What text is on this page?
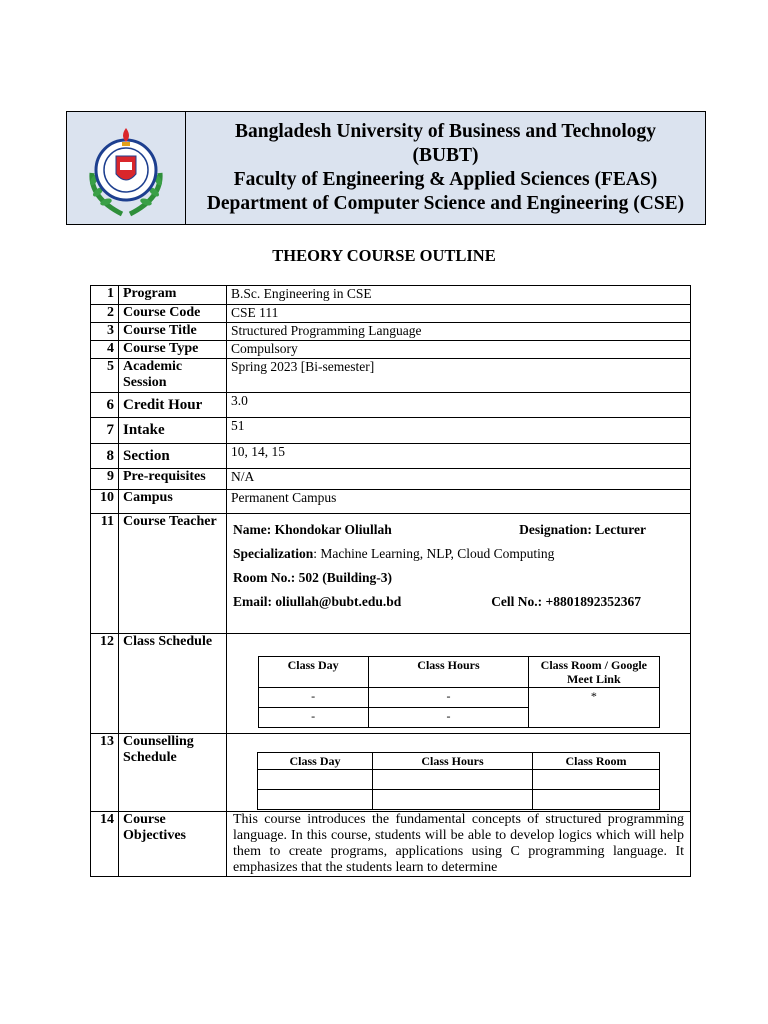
Bangladesh University of Business and Technology
(BUBT)
Faculty of Engineering & Applied Sciences (FEAS)
Department of Computer Science and Engineering (CSE)
THEORY COURSE OUTLINE
1	Program	B.Sc. Engineering in CSE
2	Course Code	CSE 111
3	Course Title	Structured Programming Language
4	Course Type	Compulsory
5	Academic Session	Spring 2023 [Bi-semester]
6	Credit Hour	3.0
7	Intake	51
8	Section	10, 14, 15
9	Pre-requisites	N/A
10	Campus	Permanent Campus
11	Course Teacher	

Name: Khondokar Oliullah	Designation: Lecturer

Specialization: Machine Learning, NLP, Cloud Computing

Room No.: 502 (Building-3)

Email: oliullah@bubt.edu.bd	Cell No.: +8801892352367

12	Class Schedule	
Class Day	Class Hours	Class Room / Google Meet Link
-	-	*
-	-

13	Counselling Schedule		Class Day	Class Hours	Class Room

14	Course Objectives	This course introduces the fundamental concepts of structured programming language. In this course, students will be able to develop logics which will help them to create programs, applications using C programming language. It emphasizes that the students learn to determine
